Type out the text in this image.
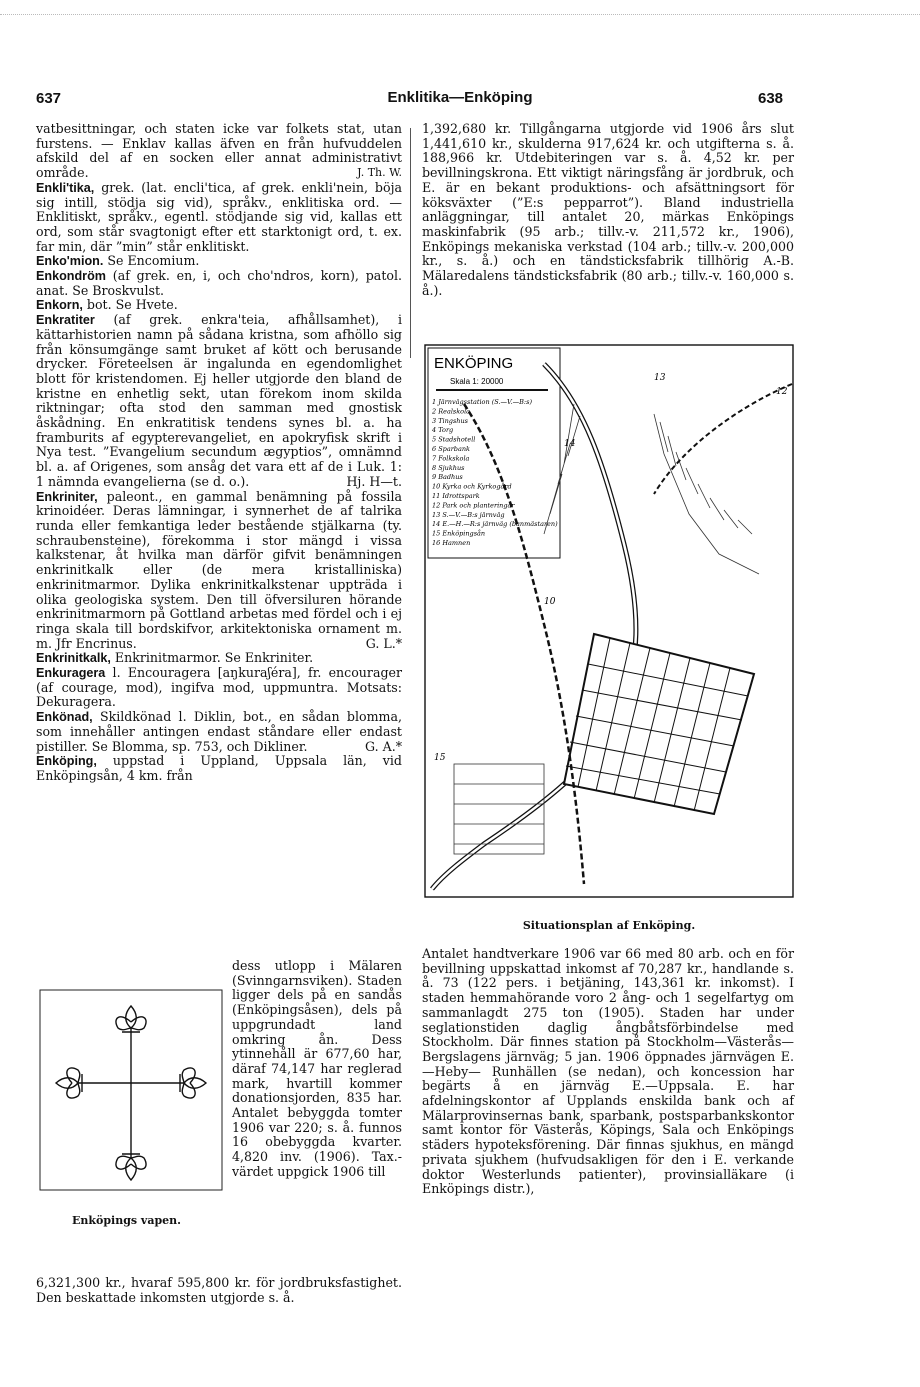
637	Enklitika—Enköping	638

vatbesittningar, och staten icke var folkets stat, utan furstens. — Enklav kallas äfven en från hufvuddelen afskild del af en socken eller annat administrativt område.	J. Th. W.

Enkli'tika, grek. (lat. encli'tica, af grek. enkli'nein, böja sig intill, stödja sig vid), språkv., enklitiska ord. — Enklitiskt, språkv., egentl. stödjande sig vid, kallas ett ord, som står svagtonigt efter ett starktonigt ord, t. ex. far min, där ”min” står enklitiskt.

Enko'mion. Se Encomium.

Enkondröm (af grek. en, i, och cho'ndros, korn), patol. anat. Se Broskvulst.

Enkorn, bot. Se Hvete.

Enkratiter (af grek. enkra'teia, afhållsamhet), i kättarhistorien namn på sådana kristna, som afhöllo sig från könsumgänge samt bruket af kött och berusande drycker. Företeelsen är ingalunda en egendomlighet blott för kristendomen. Ej heller utgjorde den bland de kristne en enhetlig sekt, utan förekom inom skilda riktningar; ofta stod den samman med gnostisk åskådning. En enkratitisk tendens synes bl. a. ha framburits af egypterevangeliet, en apokryfisk skrift i Nya test. ”Evangelium secundum ægyptios”, omnämnd bl. a. af Origenes, som ansåg det vara ett af de i Luk. 1: 1 nämnda evangelierna (se d. o.).	Hj. H—t.

Enkriniter, paleont., en gammal benämning på fossila krinoidéer. Deras lämningar, i synnerhet de af talrika runda eller femkantiga leder bestående stjälkarna (ty. schraubensteine), förekomma i stor mängd i vissa kalkstenar, åt hvilka man därför gifvit benämningen enkrinitkalk eller (de mera kristalliniska) enkrinitmarmor. Dylika enkrinitkalkstenar uppträda i olika geologiska system. Den till öfversiluren hörande enkrinitmarmorn på Gottland arbetas med fördel och i ej ringa skala till bordskifvor, arkitektoniska ornament m. m. Jfr Encrinus.	G. L.*

Enkrinitkalk, Enkrinitmarmor. Se Enkriniter.

Enkuragera l. Encouragera [aŋkuraʃéra], fr. encourager (af courage, mod), ingifva mod, uppmuntra. Motsats: Dekuragera.

Enkönad, Skildkönad l. Diklin, bot., en sådan blomma, som innehåller antingen endast ståndare eller endast pistiller. Se Blomma, sp. 753, och Dikliner.	G. A.*

Enköping, uppstad i Uppland, Uppsala län, vid Enköpingsån, 4 km. från

Enköpings vapen.

dess utlopp i Mälaren (Svinngarnsviken). Staden ligger dels på en sandås (Enköpingsåsen), dels på uppgrundadt land omkring ån. Dess ytinnehåll är 677,60 har, däraf 74,147 har reglerad mark, hvartill kommer donationsjorden, 835 har. Antalet bebyggda tomter 1906 var 220; s. å. funnos 16 obebyggda kvarter. 4,820 inv. (1906). Tax.-värdet uppgick 1906 till

6,321,300 kr., hvaraf 595,800 kr. för jordbruksfastighet. Den beskattade inkomsten utgjorde s. å.

1,392,680 kr. Tillgångarna utgjorde vid 1906 års slut 1,441,610 kr., skulderna 917,624 kr. och utgifterna s. å. 188,966 kr. Utdebiteringen var s. å. 4,52 kr. per bevillningskrona. Ett viktigt näringsfång är jordbruk, och E. är en bekant produktions- och afsättningsort för köksväxter (”E:s pepparrot”). Bland industriella anläggningar, till antalet 20, märkas Enköpings maskinfabrik (95 arb.; tillv.-v. 211,572 kr., 1906), Enköpings mekaniska verkstad (104 arb.; tillv.-v. 200,000 kr., s. å.) och en tändsticksfabrik tillhörig A.-B. Mälaredalens tändsticksfabrik (80 arb.; tillv.-v. 160,000 s. å.).

ENKÖPING
Skala 1: 20000
1 Järnvägsstation (S.—V.—B:s)
2 Realskola
3 Tingshus
4 Torg
5 Stadshotell
6 Sparbank
7 Folkskola
8 Sjukhus
9 Badhus
10 Kyrka och Kyrkogård
11 Idrottspark
12 Park och planteringar
13 S.—V.—B:s järnväg
14 E.—H.—R:s järnväg (banmästaren)
15 Enköpingsån
16 Hamnen
10
15
13
12
14
Situationsplan af Enköping.

Antalet handtverkare 1906 var 66 med 80 arb. och en för bevillning uppskattad inkomst af 70,287 kr., handlande s. å. 73 (122 pers. i betjäning, 143,361 kr. inkomst). I staden hemmahörande voro 2 ång- och 1 segelfartyg om sammanlagdt 275 ton (1905). Staden har under seglationstiden daglig ångbåtsförbindelse med Stockholm. Där finnes station på Stockholm—Västerås—Bergslagens järnväg; 5 jan. 1906 öppnades järnvägen E.—Heby— Runhällen (se nedan), och koncession har begärts å en järnväg E.—Uppsala. E. har afdelningskontor af Upplands enskilda bank och af Mälarprovinsernas bank, sparbank, postsparbankskontor samt kontor för Västerås, Köpings, Sala och Enköpings städers hypoteksförening. Där finnas sjukhus, en mängd privata sjukhem (hufvudsakligen för den i E. verkande doktor Westerlunds patienter), provinsialläkare (i Enköpings distr.),
